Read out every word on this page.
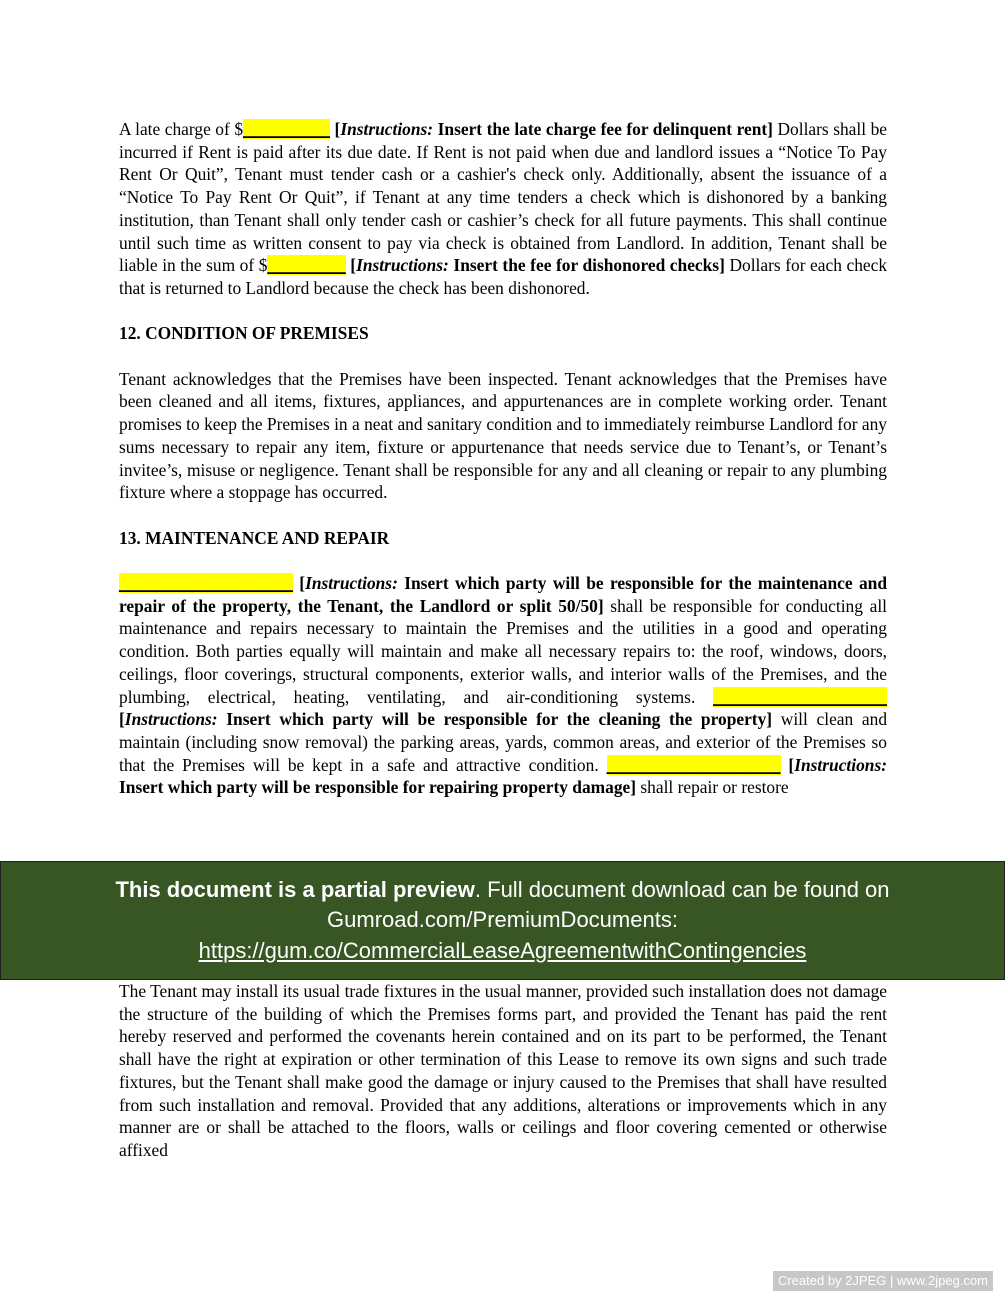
A late charge of $__________ [Instructions: Insert the late charge fee for delinquent rent] Dollars shall be incurred if Rent is paid after its due date. If Rent is not paid when due and landlord issues a “Notice To Pay Rent Or Quit”, Tenant must tender cash or a cashier's check only. Additionally, absent the issuance of a “Notice To Pay Rent Or Quit”, if Tenant at any time tenders a check which is dishonored by a banking institution, than Tenant shall only tender cash or cashier’s check for all future payments. This shall continue until such time as written consent to pay via check is obtained from Landlord. In addition, Tenant shall be liable in the sum of $_________ [Instructions: Insert the fee for dishonored checks] Dollars for each check that is returned to Landlord because the check has been dishonored.

12. CONDITION OF PREMISES

Tenant acknowledges that the Premises have been inspected. Tenant acknowledges that the Premises have been cleaned and all items, fixtures, appliances, and appurtenances are in complete working order. Tenant promises to keep the Premises in a neat and sanitary condition and to immediately reimburse Landlord for any sums necessary to repair any item, fixture or appurtenance that needs service due to Tenant’s, or Tenant’s invitee’s, misuse or negligence. Tenant shall be responsible for any and all cleaning or repair to any plumbing fixture where a stoppage has occurred.

13. MAINTENANCE AND REPAIR

____________________ [Instructions: Insert which party will be responsible for the maintenance and repair of the property, the Tenant, the Landlord or split 50/50] shall be responsible for conducting all maintenance and repairs necessary to maintain the Premises and the utilities in a good and operating condition. Both parties equally will maintain and make all necessary repairs to: the roof, windows, doors, ceilings, floor coverings, structural components, exterior walls, and interior walls of the Premises, and the plumbing, electrical, heating, ventilating, and air-conditioning systems. ____________________ [Instructions: Insert which party will be responsible for the cleaning the property] will clean and maintain (including snow removal) the parking areas, yards, common areas, and exterior of the Premises so that the Premises will be kept in a safe and attractive condition. ____________________ [Instructions: Insert which party will be responsible for repairing property damage] shall repair or restore

This document is a partial preview. Full document download can be found on
Gumroad.com/PremiumDocuments:
https://gum.co/CommercialLeaseAgreementwithContingencies

The Tenant may install its usual trade fixtures in the usual manner, provided such installation does not damage the structure of the building of which the Premises forms part, and provided the Tenant has paid the rent hereby reserved and performed the covenants herein contained and on its part to be performed, the Tenant shall have the right at expiration or other termination of this Lease to remove its own signs and such trade fixtures, but the Tenant shall make good the damage or injury caused to the Premises that shall have resulted from such installation and removal. Provided that any additions, alterations or improvements which in any manner are or shall be attached to the floors, walls or ceilings and floor covering cemented or otherwise affixed

Created by 2JPEG | www.2jpeg.com
